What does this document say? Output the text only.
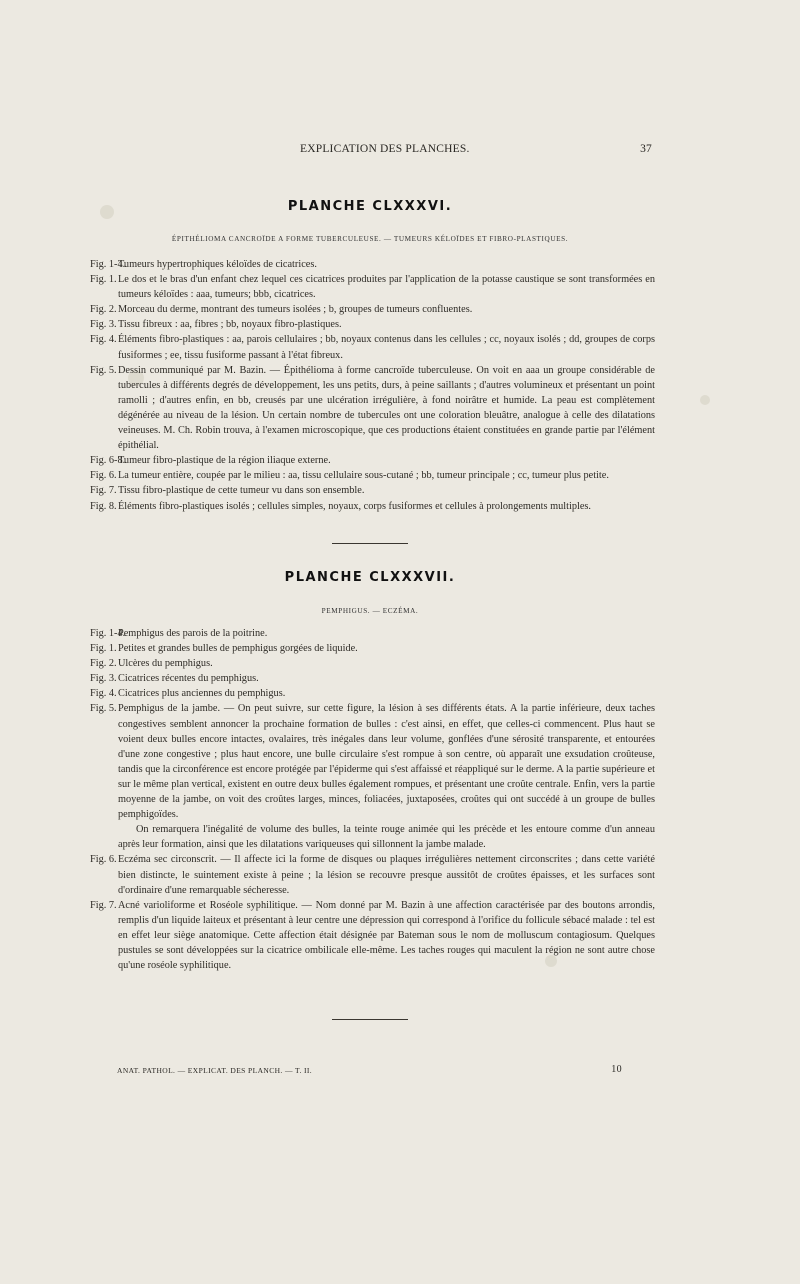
EXPLICATION DES PLANCHES.	37
PLANCHE CLXXXVI.
ÉPITHÉLIOMA CANCROÏDE A FORME TUBERCULEUSE. — TUMEURS KÉLOÏDES ET FIBRO-PLASTIQUES.
Fig. 1-4.

Tumeurs hypertrophiques kéloïdes de cicatrices.

Fig. 1. Le dos et le bras d'un enfant chez lequel ces cicatrices produites par l'application de la potasse caustique se sont transformées en tumeurs kéloïdes : aaa, tumeurs; bbb, cicatrices.

Fig. 2. Morceau du derme, montrant des tumeurs isolées ; b, groupes de tumeurs confluentes.

Fig. 3. Tissu fibreux : aa, fibres ; bb, noyaux fibro-plastiques.

Fig. 4. Éléments fibro-plastiques : aa, parois cellulaires ; bb, noyaux contenus dans les cellules ; cc, noyaux isolés ; dd, groupes de corps fusiformes ; ee, tissu fusiforme passant à l'état fibreux.

Fig. 5. Dessin communiqué par M. Bazin. — Épithélioma à forme cancroïde tuberculeuse. On voit en aaa un groupe considérable de tubercules à différents degrés de développement, les uns petits, durs, à peine saillants ; d'autres volumineux et présentant un point ramolli ; d'autres enfin, en bb, creusés par une ulcération irrégulière, à fond noirâtre et humide. La peau est complètement dégénérée au niveau de la lésion. Un certain nombre de tubercules ont une coloration bleuâtre, analogue à celle des dilatations veineuses. M. Ch. Robin trouva, à l'examen microscopique, que ces productions étaient constituées en grande partie par l'élément épithélial.

Fig. 6-8.

Tumeur fibro-plastique de la région iliaque externe.

Fig. 6. La tumeur entière, coupée par le milieu : aa, tissu cellulaire sous-cutané ; bb, tumeur principale ; cc, tumeur plus petite.

Fig. 7. Tissu fibro-plastique de cette tumeur vu dans son ensemble.

Fig. 8. Éléments fibro-plastiques isolés ; cellules simples, noyaux, corps fusiformes et cellules à prolongements multiples.

PLANCHE CLXXXVII.
PEMPHIGUS. — ECZÉMA.
Fig. 1-4.

Pemphigus des parois de la poitrine.

Fig. 1. Petites et grandes bulles de pemphigus gorgées de liquide.

Fig. 2. Ulcères du pemphigus.

Fig. 3. Cicatrices récentes du pemphigus.

Fig. 4. Cicatrices plus anciennes du pemphigus.

Fig. 5. Pemphigus de la jambe. — On peut suivre, sur cette figure, la lésion à ses différents états. A la partie inférieure, deux taches congestives semblent annoncer la prochaine formation de bulles : c'est ainsi, en effet, que celles-ci commencent. Plus haut se voient deux bulles encore intactes, ovalaires, très inégales dans leur volume, gonflées d'une sérosité transparente, et entourées d'une zone congestive ; plus haut encore, une bulle circulaire s'est rompue à son centre, où apparaît une exsudation croûteuse, tandis que la circonférence est encore protégée par l'épiderme qui s'est affaissé et réappliqué sur le derme. A la partie supérieure et sur le même plan vertical, existent en outre deux bulles également rompues, et présentant une croûte centrale. Enfin, vers la partie moyenne de la jambe, on voit des croûtes larges, minces, foliacées, juxtaposées, croûtes qui ont succédé à un groupe de bulles pemphigoïdes.

On remarquera l'inégalité de volume des bulles, la teinte rouge animée qui les précède et les entoure comme d'un anneau après leur formation, ainsi que les dilatations variqueuses qui sillonnent la jambe malade.

Fig. 6. Eczéma sec circonscrit. — Il affecte ici la forme de disques ou plaques irrégulières nettement circonscrites ; dans cette variété bien distincte, le suintement existe à peine ; la lésion se recouvre presque aussitôt de croûtes épaisses, et les surfaces sont d'ordinaire d'une remarquable sécheresse.

Fig. 7. Acné varioliforme et Roséole syphilitique. — Nom donné par M. Bazin à une affection caractérisée par des boutons arrondis, remplis d'un liquide laiteux et présentant à leur centre une dépression qui correspond à l'orifice du follicule sébacé malade : tel est en effet leur siège anatomique. Cette affection était désignée par Bateman sous le nom de molluscum contagiosum. Quelques pustules se sont développées sur la cicatrice ombilicale elle-même. Les taches rouges qui maculent la région ne sont autre chose qu'une roséole syphilitique.

ANAT. PATHOL. — EXPLICAT. DES PLANCH. — T. II.	10
